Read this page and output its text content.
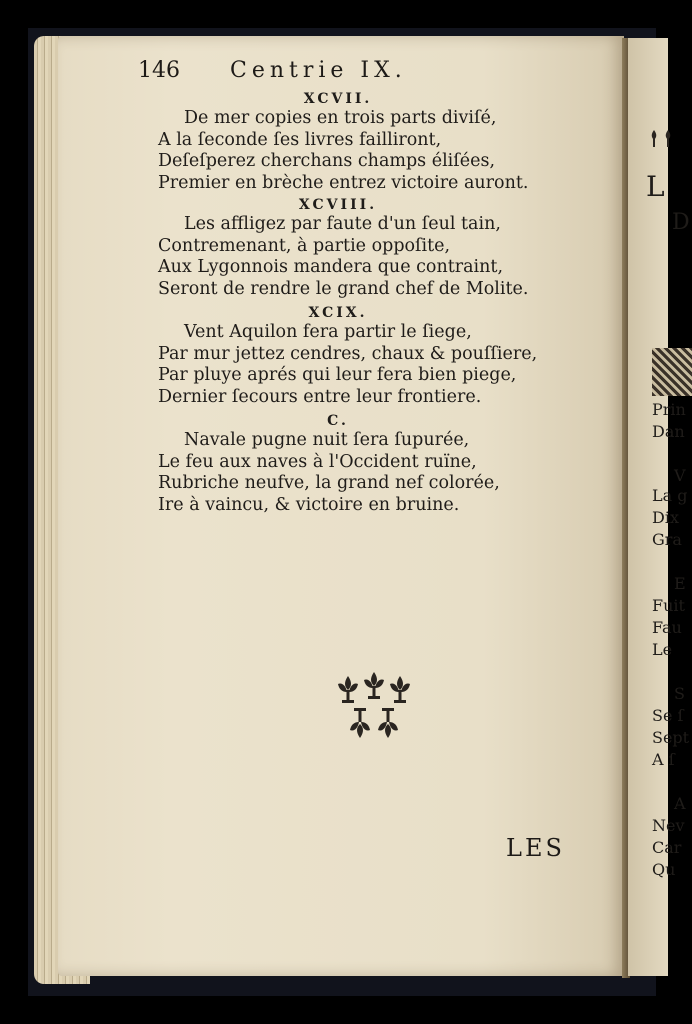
146 Centrie IX.
XCVII.
De mer copies en trois parts diviſé,
A la ſeconde ſes livres failliront,
Deſeſperez cherchans champs éliſées,
Premier en brèche entrez victoire auront.
XCVIII.
Les affligez par faute d'un ſeul tain,
Contremenant, à partie oppoſite,
Aux Lygonnois mandera que contraint,
Seront de rendre le grand chef de Molite.
XCIX.
Vent Aquilon fera partir le ſiege,
Par mur jettez cendres, chaux & pouſſiere,
Par pluye aprés qui leur fera bien piege,
Dernier ſecours entre leur frontiere.
C.
Navale pugne nuit ſera ſupurée,
Le feu aux naves à l'Occident ruïne,
Rubriche neufve, la grand nef colorée,
Ire à vaincu, & victoire en bruine.
LES
L
D
Prin
Dan
V
La g
Dix
Gra
E
Fuit
Fau
Le
S
Se ſ
Sept
A ſ
A
Nev
Car
Qu
